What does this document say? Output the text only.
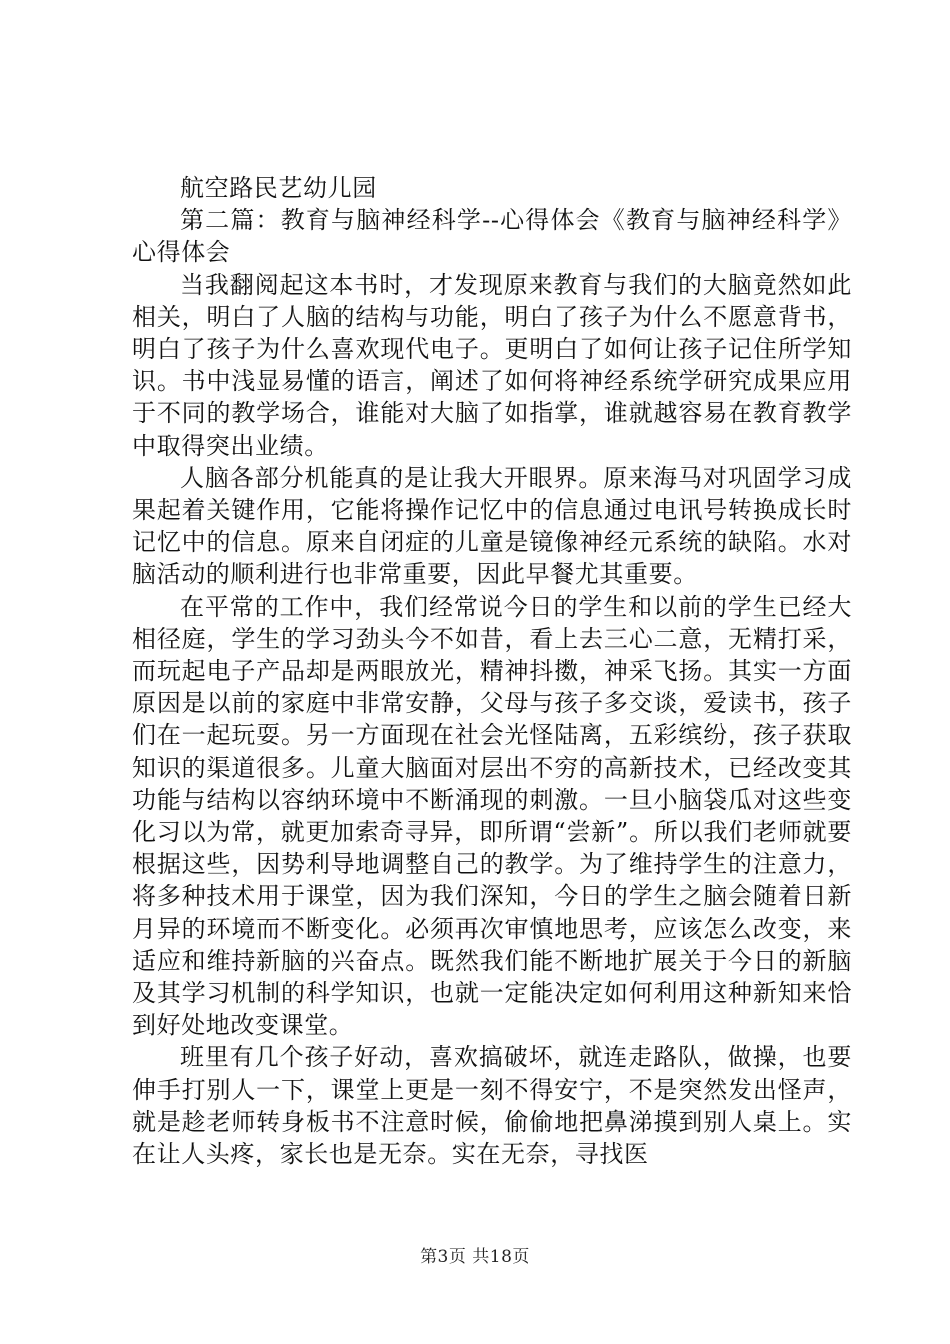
航空路民艺幼儿园

第二篇：教育与脑神经科学--心得体会《教育与脑神经科学》心得体会

当我翻阅起这本书时，才发现原来教育与我们的大脑竟然如此相关，明白了人脑的结构与功能，明白了孩子为什么不愿意背书，明白了孩子为什么喜欢现代电子。更明白了如何让孩子记住所学知识。书中浅显易懂的语言，阐述了如何将神经系统学研究成果应用于不同的教学场合，谁能对大脑了如指掌，谁就越容易在教育教学中取得突出业绩。

人脑各部分机能真的是让我大开眼界。原来海马对巩固学习成果起着关键作用，它能将操作记忆中的信息通过电讯号转换成长时记忆中的信息。原来自闭症的儿童是镜像神经元系统的缺陷。水对脑活动的顺利进行也非常重要，因此早餐尤其重要。

在平常的工作中，我们经常说今日的学生和以前的学生已经大相径庭，学生的学习劲头今不如昔，看上去三心二意，无精打采，而玩起电子产品却是两眼放光，精神抖擞，神采飞扬。其实一方面原因是以前的家庭中非常安静，父母与孩子多交谈，爱读书，孩子们在一起玩耍。另一方面现在社会光怪陆离，五彩缤纷，孩子获取知识的渠道很多。儿童大脑面对层出不穷的高新技术，已经改变其功能与结构以容纳环境中不断涌现的刺激。一旦小脑袋瓜对这些变化习以为常，就更加索奇寻异，即所谓“尝新”。所以我们老师就要根据这些，因势利导地调整自己的教学。为了维持学生的注意力，将多种技术用于课堂，因为我们深知，今日的学生之脑会随着日新月异的环境而不断变化。必须再次审慎地思考，应该怎么改变，来适应和维持新脑的兴奋点。既然我们能不断地扩展关于今日的新脑及其学习机制的科学知识，也就一定能决定如何利用这种新知来恰到好处地改变课堂。

班里有几个孩子好动，喜欢搞破坏，就连走路队，做操，也要伸手打别人一下，课堂上更是一刻不得安宁，不是突然发出怪声，就是趁老师转身板书不注意时候，偷偷地把鼻涕摸到别人桌上。实在让人头疼，家长也是无奈。实在无奈，寻找医

第3页 共18页
